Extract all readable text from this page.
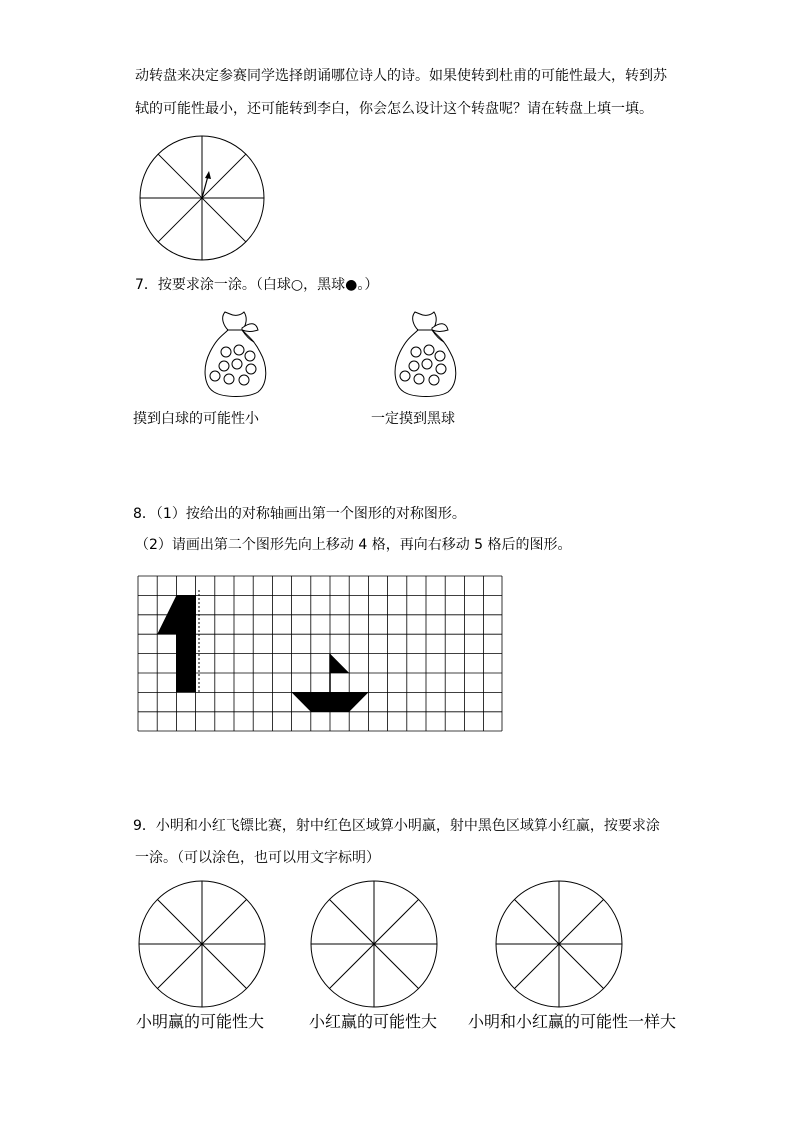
动转盘来决定参赛同学选择朗诵哪位诗人的诗。如果使转到杜甫的可能性最大，转到苏
轼的可能性最小，还可能转到李白，你会怎么设计这个转盘呢？请在转盘上填一填。
7．按要求涂一涂。（白球○，黑球●。）
摸到白球的可能性小	一定摸到黑球
8．（1）按给出的对称轴画出第一个图形的对称图形。
（2）请画出第二个图形先向上移动 4 格，再向右移动 5 格后的图形。
9．小明和小红飞镖比赛，射中红色区域算小明赢，射中黑色区域算小红赢，按要求涂
一涂。（可以涂色，也可以用文字标明）
小明赢的可能性大	小红赢的可能性大 小明和小红赢的可能性一样大
